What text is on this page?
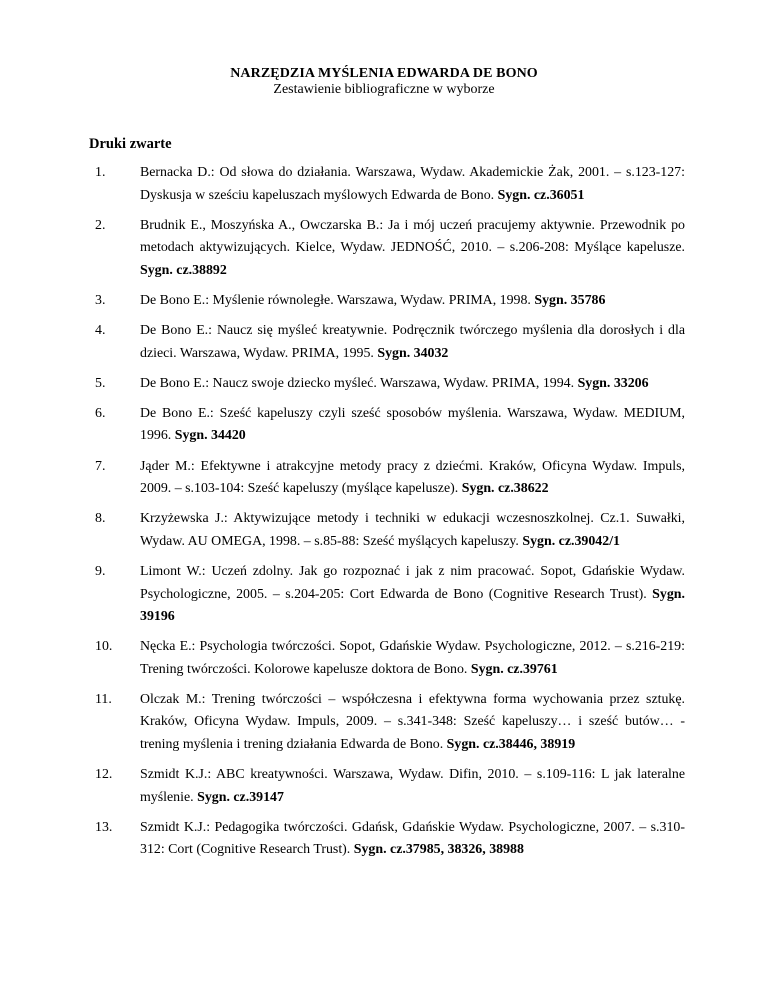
NARZĘDZIA MYŚLENIA EDWARDA DE BONO
Zestawienie bibliograficzne w wyborze
Druki zwarte
1.	Bernacka D.: Od słowa do działania. Warszawa, Wydaw. Akademickie Żak, 2001. – s.123-127: Dyskusja w sześciu kapeluszach myślowych Edwarda de Bono. Sygn. cz.36051
2.	Brudnik E., Moszyńska A., Owczarska B.: Ja i mój uczeń pracujemy aktywnie. Przewodnik po metodach aktywizujących. Kielce, Wydaw. JEDNOŚĆ, 2010. – s.206-208: Myślące kapelusze. Sygn. cz.38892
3.	De Bono E.: Myślenie równoległe. Warszawa, Wydaw. PRIMA, 1998. Sygn. 35786
4.	De Bono E.: Naucz się myśleć kreatywnie. Podręcznik twórczego myślenia dla dorosłych i dla dzieci. Warszawa, Wydaw. PRIMA, 1995. Sygn. 34032
5.	De Bono E.: Naucz swoje dziecko myśleć. Warszawa, Wydaw. PRIMA, 1994. Sygn. 33206
6.	De Bono E.: Sześć kapeluszy czyli sześć sposobów myślenia. Warszawa, Wydaw. MEDIUM, 1996. Sygn. 34420
7.	Jąder M.: Efektywne i atrakcyjne metody pracy z dziećmi. Kraków, Oficyna Wydaw. Impuls, 2009. – s.103-104: Sześć kapeluszy (myślące kapelusze). Sygn. cz.38622
8.	Krzyżewska J.: Aktywizujące metody i techniki w edukacji wczesnoszkolnej. Cz.1. Suwałki, Wydaw. AU OMEGA, 1998. – s.85-88: Sześć myślących kapeluszy. Sygn. cz.39042/1
9.	Limont W.: Uczeń zdolny. Jak go rozpoznać i jak z nim pracować. Sopot, Gdańskie Wydaw. Psychologiczne, 2005. – s.204-205: Cort Edwarda de Bono (Cognitive Research Trust). Sygn. 39196
10.	Nęcka E.: Psychologia twórczości. Sopot, Gdańskie Wydaw. Psychologiczne, 2012. – s.216-219: Trening twórczości. Kolorowe kapelusze doktora de Bono. Sygn. cz.39761
11.	Olczak M.: Trening twórczości – współczesna i efektywna forma wychowania przez sztukę. Kraków, Oficyna Wydaw. Impuls, 2009. – s.341-348: Sześć kapeluszy… i sześć butów… - trening myślenia i trening działania Edwarda de Bono. Sygn. cz.38446, 38919
12.	Szmidt K.J.: ABC kreatywności. Warszawa, Wydaw. Difin, 2010. – s.109-116: L jak lateralne myślenie. Sygn. cz.39147
13.	Szmidt K.J.: Pedagogika twórczości. Gdańsk, Gdańskie Wydaw. Psychologiczne, 2007. – s.310-312: Cort (Cognitive Research Trust). Sygn. cz.37985, 38326, 38988
